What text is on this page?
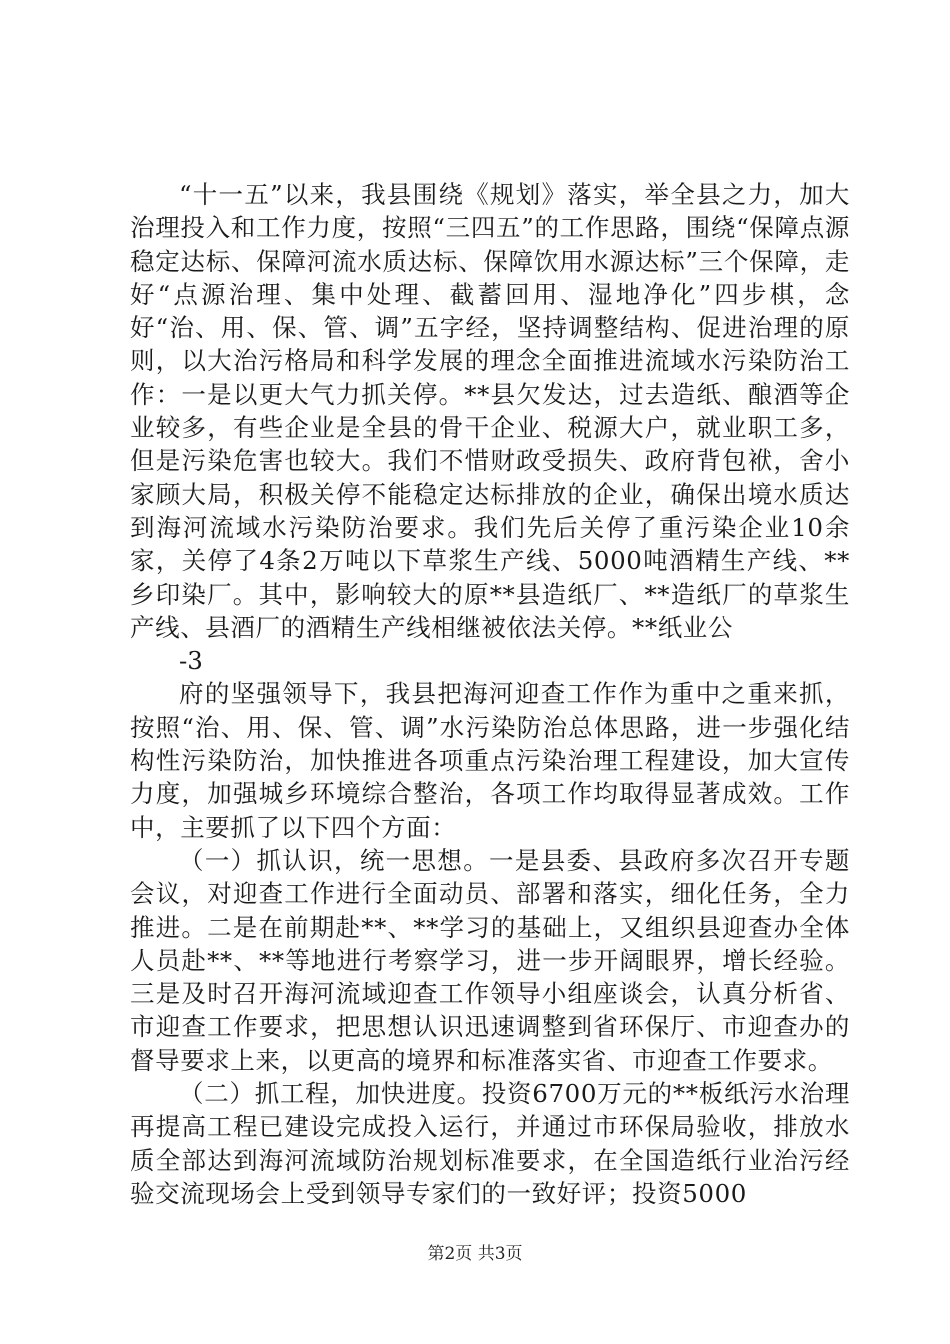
“十一五”以来，我县围绕《规划》落实，举全县之力，加大治理投入和工作力度，按照“三四五”的工作思路，围绕“保障点源稳定达标、保障河流水质达标、保障饮用水源达标”三个保障，走好“点源治理、集中处理、截蓄回用、湿地净化”四步棋，念好“治、用、保、管、调”五字经，坚持调整结构、促进治理的原则，以大治污格局和科学发展的理念全面推进流域水污染防治工作：一是以更大气力抓关停。**县欠发达，过去造纸、酿酒等企业较多，有些企业是全县的骨干企业、税源大户，就业职工多，但是污染危害也较大。我们不惜财政受损失、政府背包袱，舍小家顾大局，积极关停不能稳定达标排放的企业，确保出境水质达到海河流域水污染防治要求。我们先后关停了重污染企业10余家，关停了4条2万吨以下草浆生产线、5000吨酒精生产线、**乡印染厂。其中，影响较大的原**县造纸厂、**造纸厂的草浆生产线、县酒厂的酒精生产线相继被依法关停。**纸业公

-3

府的坚强领导下，我县把海河迎查工作作为重中之重来抓，按照“治、用、保、管、调”水污染防治总体思路，进一步强化结构性污染防治，加快推进各项重点污染治理工程建设，加大宣传力度，加强城乡环境综合整治，各项工作均取得显著成效。工作中，主要抓了以下四个方面：

（一）抓认识，统一思想。一是县委、县政府多次召开专题会议，对迎查工作进行全面动员、部署和落实，细化任务，全力推进。二是在前期赴**、**学习的基础上，又组织县迎查办全体人员赴**、**等地进行考察学习，进一步开阔眼界，增长经验。三是及时召开海河流域迎查工作领导小组座谈会，认真分析省、市迎查工作要求，把思想认识迅速调整到省环保厅、市迎查办的督导要求上来，以更高的境界和标准落实省、市迎查工作要求。

（二）抓工程，加快进度。投资6700万元的**板纸污水治理再提高工程已建设完成投入运行，并通过市环保局验收，排放水质全部达到海河流域防治规划标准要求，在全国造纸行业治污经验交流现场会上受到领导专家们的一致好评；投资5000

第2页 共3页
